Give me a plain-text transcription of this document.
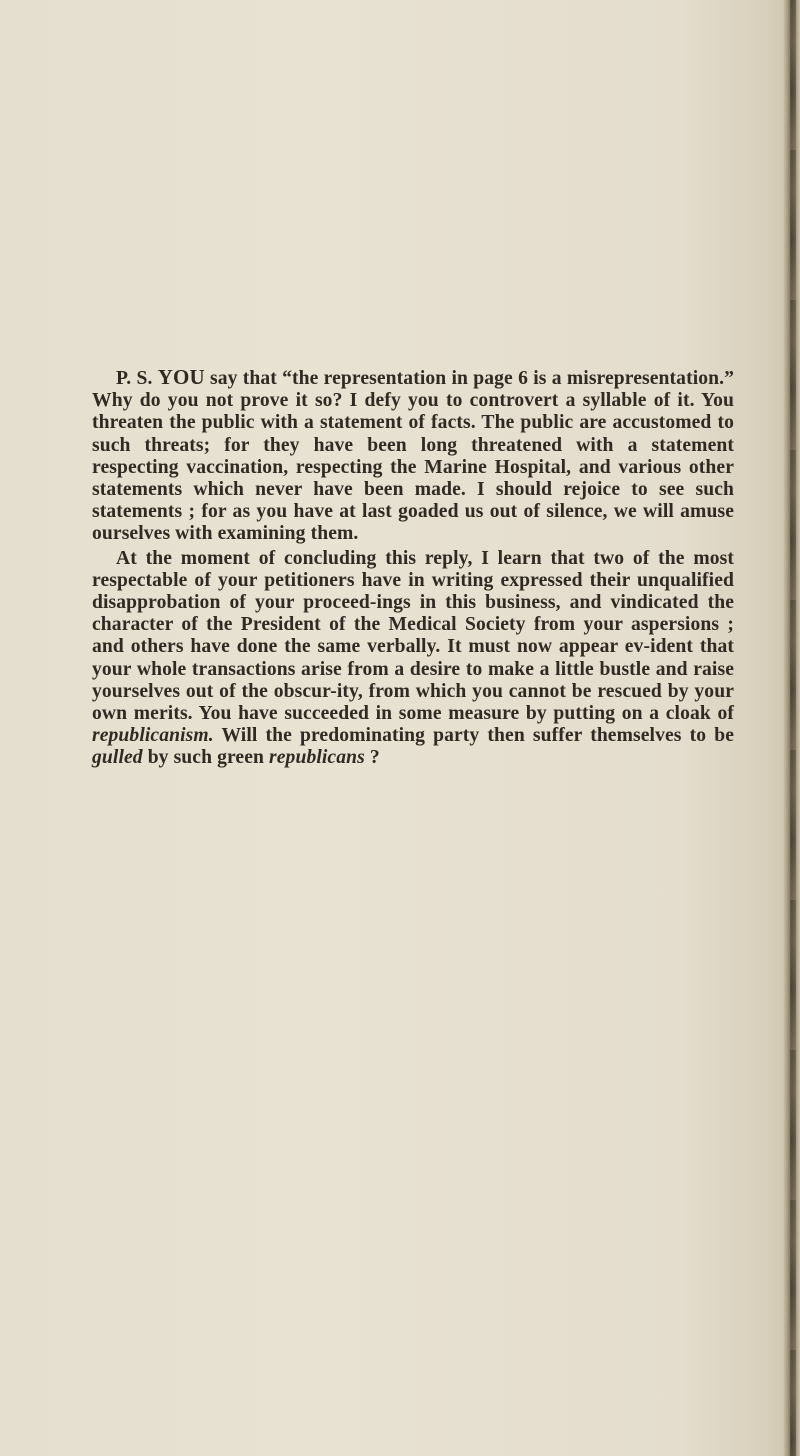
P. S. YOU say that “the representation in page 6 is a misrepresentation.” Why do you not prove it so? I defy you to controvert a syllable of it. You threaten the public with a statement of facts. The public are accustomed to such threats; for they have been long threatened with a statement respecting vaccination, respecting the Marine Hospital, and various other statements which never have been made. I should rejoice to see such statements ; for as you have at last goaded us out of silence, we will amuse ourselves with examining them.

At the moment of concluding this reply, I learn that two of the most respectable of your petitioners have in writing expressed their unqualified disapprobation of your proceed-ings in this business, and vindicated the character of the President of the Medical Society from your aspersions ; and others have done the same verbally. It must now appear ev-ident that your whole transactions arise from a desire to make a little bustle and raise yourselves out of the obscur-ity, from which you cannot be rescued by your own merits. You have succeeded in some measure by putting on a cloak of republicanism. Will the predominating party then suffer themselves to be gulled by such green republicans ?
